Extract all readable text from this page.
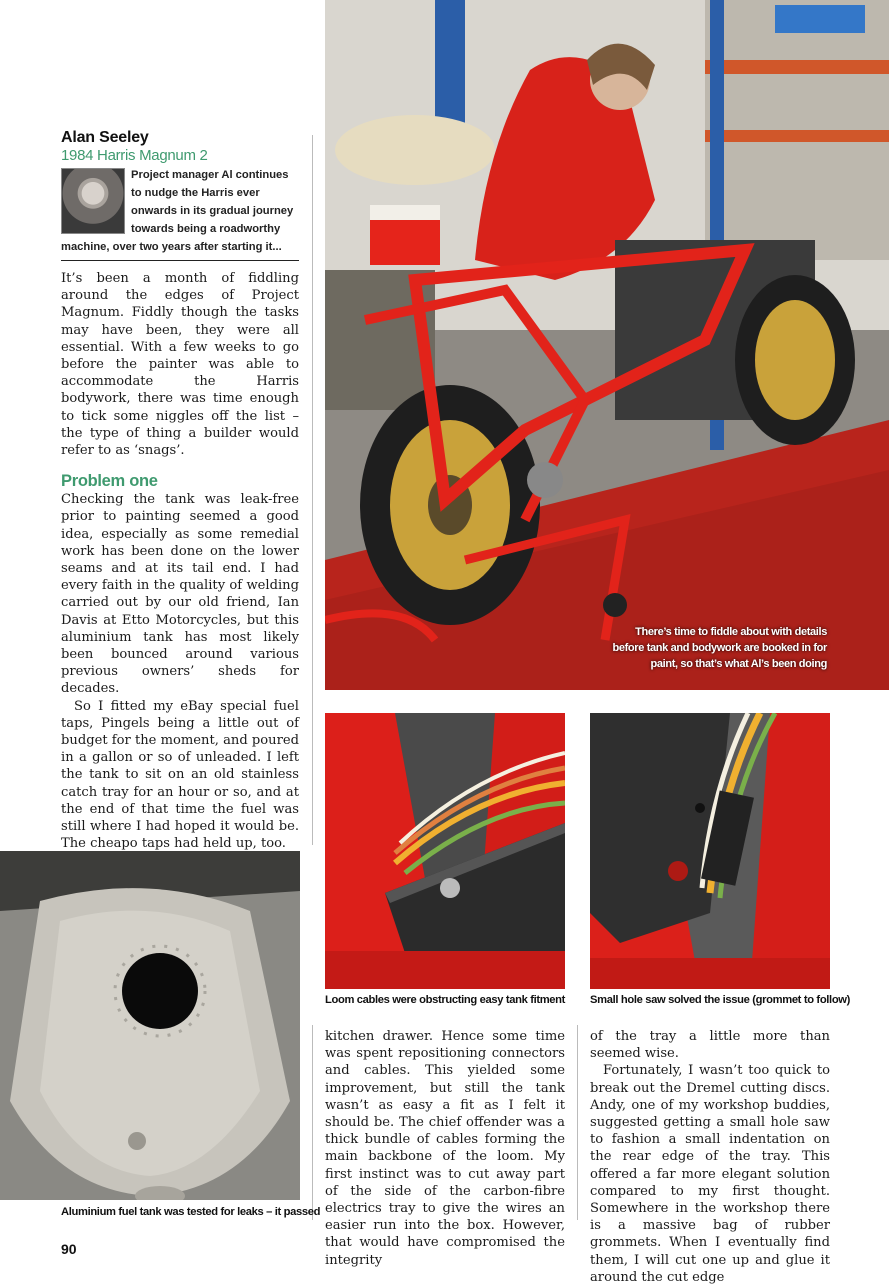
Alan Seeley
1984 Harris Magnum 2
Project manager Al continues to nudge the Harris ever onwards in its gradual journey towards being a roadworthy machine, over two years after starting it...

It’s been a month of fiddling around the edges of Project Magnum. Fiddly though the tasks may have been, they were all essential. With a few weeks to go before the painter was able to accommodate the Harris bodywork, there was time enough to tick some niggles off the list – the type of thing a builder would refer to as ‘snags’.

Problem one

Checking the tank was leak-free prior to painting seemed a good idea, especially as some remedial work has been done on the lower seams and at its tail end. I had every faith in the quality of welding carried out by our old friend, Ian Davis at Etto Motorcycles, but this aluminium tank has most likely been bounced around various previous owners’ sheds for decades.

So I fitted my eBay special fuel taps, Pingels being a little out of budget for the moment, and poured in a gallon or so of unleaded. I left the tank to sit on an old stainless catch tray for an hour or so, and at the end of that time the fuel was still where I had hoped it would be. The cheapo taps had held up, too.

There’s time to fiddle about with details before tank and bodywork are booked in for paint, so that’s what Al’s been doing
Loom cables were obstructing easy tank fitment Small hole saw solved the issue (grommet to follow)
Aluminium fuel tank was tested for leaks – it passed

kitchen drawer. Hence some time was spent repositioning connectors and cables. This yielded some improvement, but still the tank wasn’t as easy a fit as I felt it should be. The chief offender was a thick bundle of cables forming the main backbone of the loom. My first instinct was to cut away part of the side of the carbon-fibre electrics tray to give the wires an easier run into the box. However, that would have compromised the integrity

of the tray a little more than seemed wise.

Fortunately, I wasn’t too quick to break out the Dremel cutting discs. Andy, one of my workshop buddies, suggested getting a small hole saw to fashion a small indentation on the rear edge of the tray. This offered a far more elegant solution compared to my first thought. Somewhere in the workshop there is a massive bag of rubber grommets. When I eventually find them, I will cut one up and glue it around the cut edge

90
